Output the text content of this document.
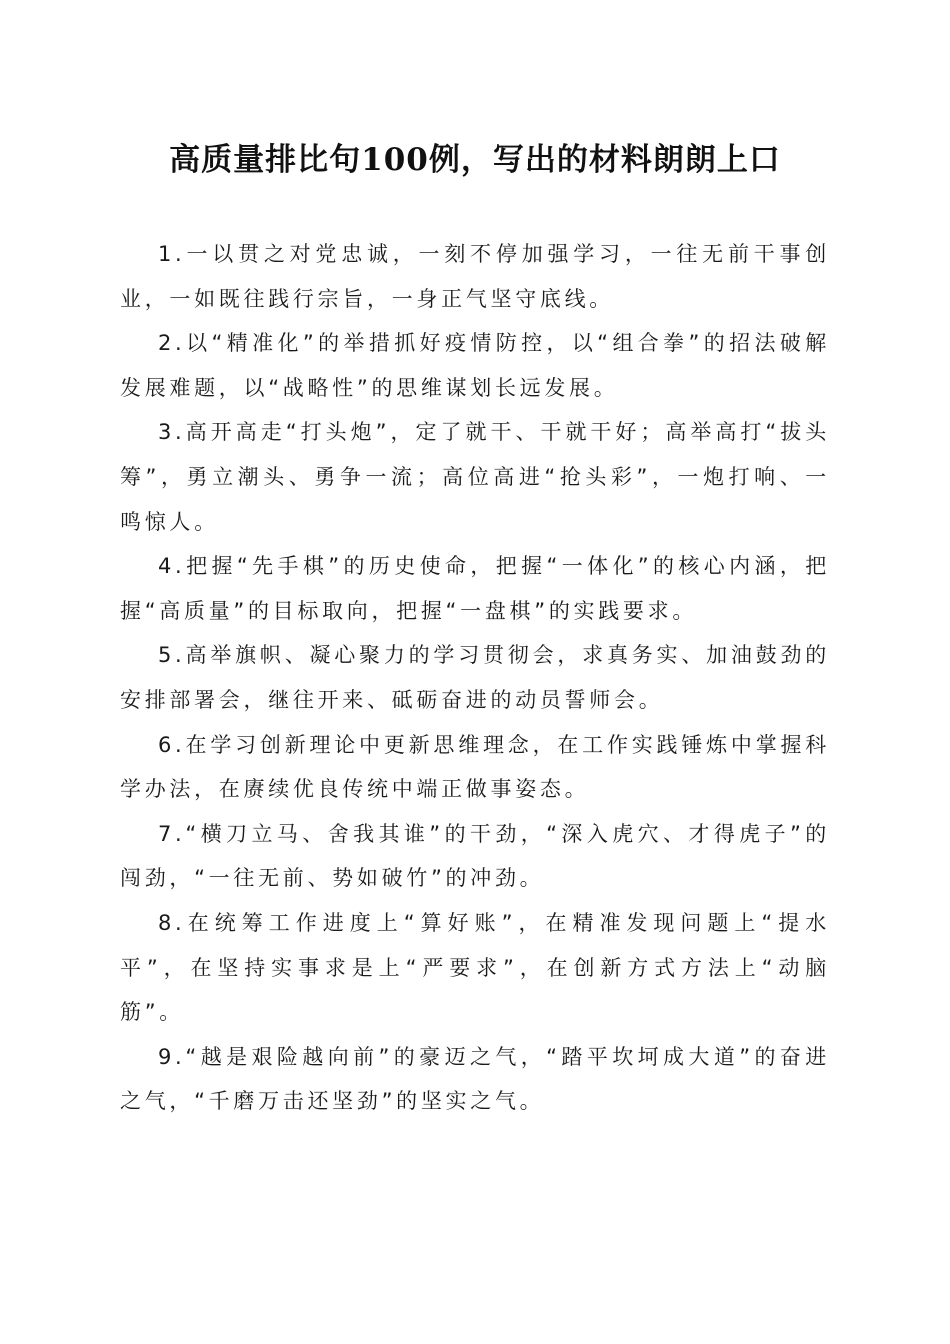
高质量排比句100例，写出的材料朗朗上口

1.一以贯之对党忠诚，一刻不停加强学习，一往无前干事创业，一如既往践行宗旨，一身正气坚守底线。

2.以“精准化”的举措抓好疫情防控，以“组合拳”的招法破解发展难题，以“战略性”的思维谋划长远发展。

3.高开高走“打头炮”，定了就干、干就干好；高举高打“拔头筹”，勇立潮头、勇争一流；高位高进“抢头彩”，一炮打响、一鸣惊人。

4.把握“先手棋”的历史使命，把握“一体化”的核心内涵，把握“高质量”的目标取向，把握“一盘棋”的实践要求。

5.高举旗帜、凝心聚力的学习贯彻会，求真务实、加油鼓劲的安排部署会，继往开来、砥砺奋进的动员誓师会。

6.在学习创新理论中更新思维理念，在工作实践锤炼中掌握科学办法，在赓续优良传统中端正做事姿态。

7.“横刀立马、舍我其谁”的干劲，“深入虎穴、才得虎子”的闯劲，“一往无前、势如破竹”的冲劲。

8.在统筹工作进度上“算好账”，在精准发现问题上“提水平”，在坚持实事求是上“严要求”，在创新方式方法上“动脑筋”。

9.“越是艰险越向前”的豪迈之气，“踏平坎坷成大道”的奋进之气，“千磨万击还坚劲”的坚实之气。
